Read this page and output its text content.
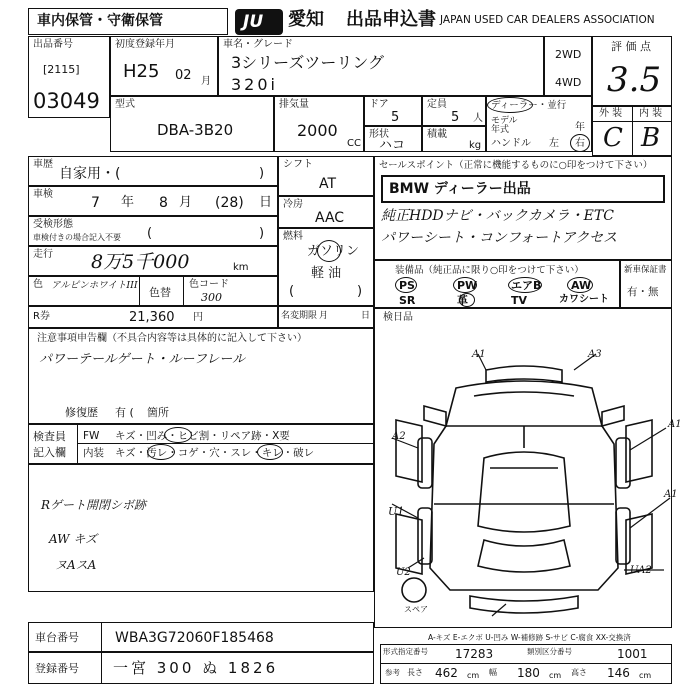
車内保管・守衛保管	JU 愛知 出品申込書 JAPAN USED CAR DEALERS ASSOCIATION
出品番号
[2115]
03049
初度登録年月
H25 02 月
車名・グレード
3シリーズツーリング
320i
2WD
4WD
評 価 点
3.5
型式
DBA-3B20
排気量
2000
CC
ドア
5
定員
5 人
形状
ハコ
積載
kg
ディーラー・並行
モデル 年式	年
ハンドル 左 右
外 装 内 装
C B
車歴
自家用・(	)
車検
7 年 8 月 (28) 日
受検形態
車検付きの場合記入不要 (	)
走行 8万5千000	km
色 アルピンホワイトIII
色替
色コード
300
R券	21,360 円
シフト
AT
冷房
AAC
燃料
ガソリン
軽 油
(	)
名変期限 月	日
セールスポイント（正常に機能するものに○印をつけて下さい）
BMW ディーラー出品
純正HDDナビ・バックカメラ・ETC
パワーシート・コンフォートアクセス
装備品（純正品に限り○印をつけて下さい）
PS	PW	エアB	AW
SR	革	TV	カワシート
新車保証書
有・無
注意事項申告欄（不具合内容等は具体的に記入して下さい）
パワーテールゲート・ルーフレール
修復歴 有 ( 箇所
検査員
記入欄
FW キズ・凹み・ヒビ割・リペア跡・X要
内装 キズ・汚レ・コゲ・穴・スレ・キレ・破レ
Rゲート開閉シボ跡
AW キズ
ヌAスA
検日品
A1	A3
A2
U1
U2	UA2
A1
A1
スペア
A-キズ E-エクボ U-凹み W-補修跡 S-サビ C-腐食 XX-交換済
車台番号	WBA3G72060F185468
登録番号 一宮 300 ぬ 1826
形式指定番号 17283	類別区分番号	1001
参考 長さ 462 cm 幅 180 cm 高さ 146 cm
